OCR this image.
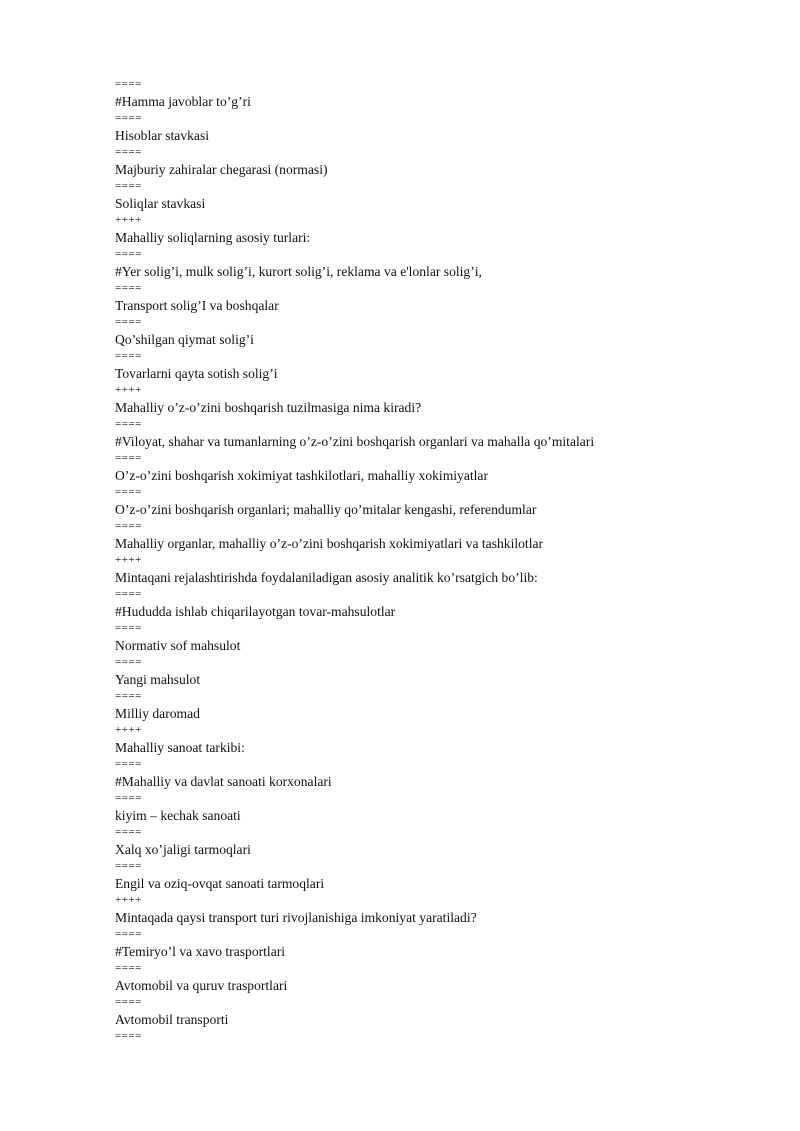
====
#Hamma javoblar to’g’ri
====
Hisoblar stavkasi
====
Majburiy zahiralar chegarasi (normasi)
====
Soliqlar stavkasi
++++
Mahalliy soliqlarning asosiy turlari:
====
#Yer solig’i, mulk solig’i, kurort solig’i, reklama va e'lonlar solig’i,
====
Transport solig’I va boshqalar
====
Qo’shilgan qiymat solig’i
====
Tovarlarni qayta sotish solig’i
++++
Mahalliy o’z-o’zini boshqarish tuzilmasiga nima kiradi?
====
#Viloyat, shahar va tumanlarning o’z-o’zini boshqarish organlari va mahalla qo’mitalari
====
O’z-o’zini boshqarish xokimiyat tashkilotlari, mahalliy xokimiyatlar
====
O’z-o’zini boshqarish organlari; mahalliy qo’mitalar kengashi, referendumlar
====
Mahalliy organlar, mahalliy o’z-o’zini boshqarish xokimiyatlari va tashkilotlar
++++
Mintaqani rejalashtirishda foydalaniladigan asosiy analitik ko’rsatgich bo’lib:
====
#Hududda ishlab chiqarilayotgan tovar-mahsulotlar
====
Normativ sof mahsulot
====
Yangi mahsulot
====
Milliy daromad
++++
Mahalliy sanoat tarkibi:
====
#Mahalliy va davlat sanoati korxonalari
====
kiyim – kechak sanoati
====
Xalq xo’jaligi tarmoqlari
====
Engil va oziq-ovqat sanoati tarmoqlari
++++
Mintaqada qaysi transport turi rivojlanishiga imkoniyat yaratiladi?
====
#Temiryo’l va xavo trasportlari
====
Avtomobil va quruv trasportlari
====
Avtomobil transporti
====
